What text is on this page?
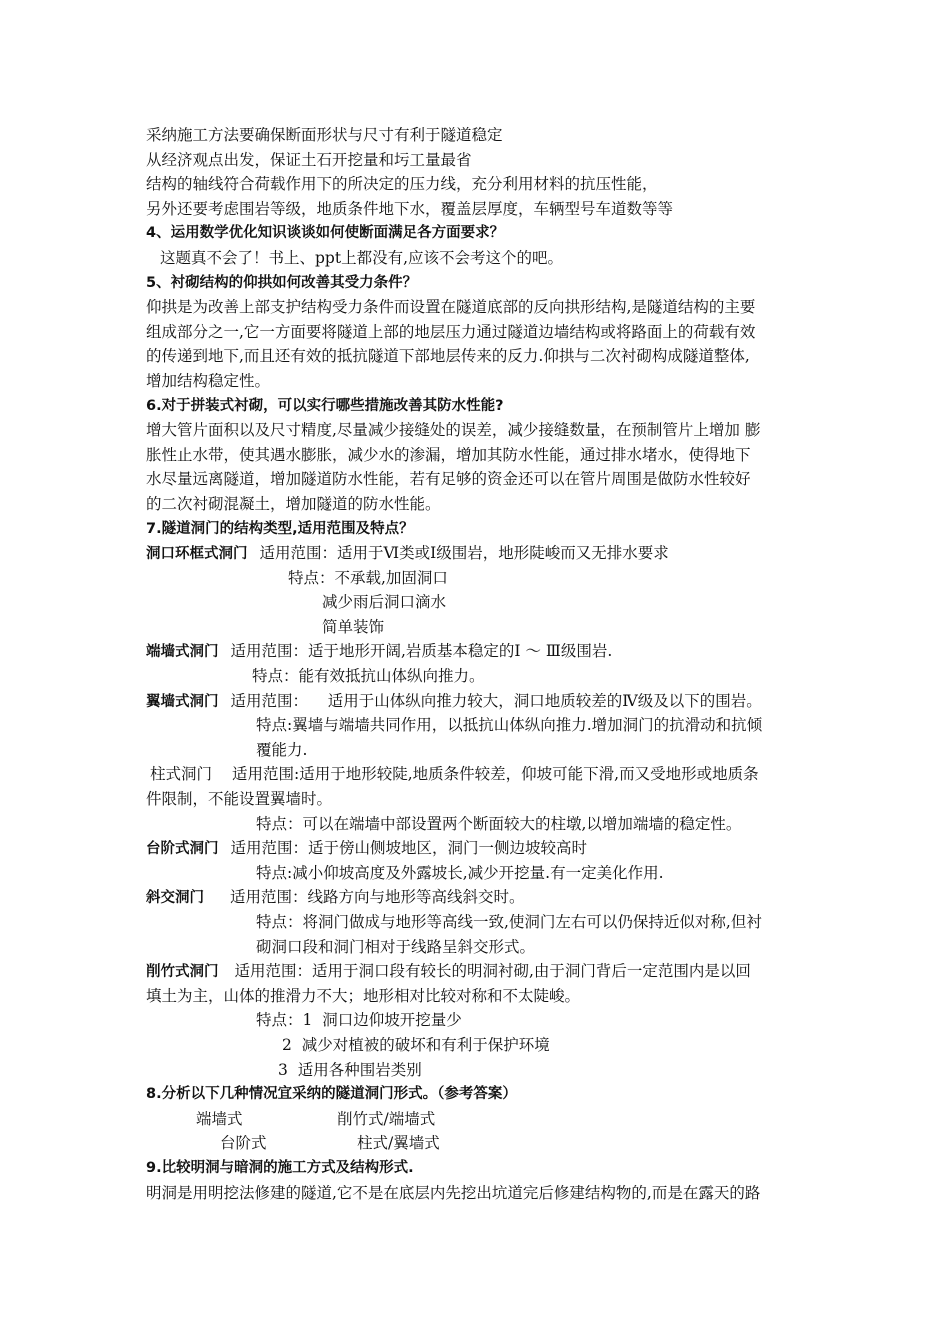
采纳施工方法要确保断面形状与尺寸有利于隧道稳定
从经济观点出发，保证土石开挖量和圬工量最省
结构的轴线符合荷载作用下的所决定的压力线，充分利用材料的抗压性能，
另外还要考虑围岩等级，地质条件地下水，覆盖层厚度，车辆型号车道数等等
4、运用数学优化知识谈谈如何使断面满足各方面要求？
这题真不会了！书上、ppt上都没有,应该不会考这个的吧。
5、衬砌结构的仰拱如何改善其受力条件？
仰拱是为改善上部支护结构受力条件而设置在隧道底部的反向拱形结构,是隧道结构的主要
组成部分之一,它一方面要将隧道上部的地层压力通过隧道边墙结构或将路面上的荷载有效
的传递到地下,而且还有效的抵抗隧道下部地层传来的反力.仰拱与二次衬砌构成隧道整体,
增加结构稳定性。
6.对于拼装式衬砌，可以实行哪些措施改善其防水性能?
增大管片面积以及尺寸精度,尽量减少接缝处的误差，减少接缝数量，在预制管片上增加 膨
胀性止水带，使其遇水膨胀，减少水的渗漏，增加其防水性能，通过排水堵水，使得地下
水尽量远离隧道，增加隧道防水性能，若有足够的资金还可以在管片周围是做防水性较好
的二次衬砌混凝土，增加隧道的防水性能。
7.隧道洞门的结构类型,适用范围及特点？
洞口环框式洞门 适用范围：适用于Ⅵ类或Ⅰ级围岩，地形陡峻而又无排水要求
特点：不承载,加固洞口
减少雨后洞口滴水
简单装饰
端墙式洞门 适用范围：适于地形开阔,岩质基本稳定的Ⅰ ～ Ⅲ级围岩.
特点：能有效抵抗山体纵向推力。
翼墙式洞门 适用范围：    适用于山体纵向推力较大，洞口地质较差的Ⅳ级及以下的围岩。
特点:翼墙与端墙共同作用，以抵抗山体纵向推力.增加洞门的抗滑动和抗倾
覆能力.
柱式洞门 适用范围:适用于地形较陡,地质条件较差，仰坡可能下滑,而又受地形或地质条
件限制，不能设置翼墙时。
特点：可以在端墙中部设置两个断面较大的柱墩,以增加端墙的稳定性。
台阶式洞门 适用范围：适于傍山侧坡地区，洞门一侧边坡较高时
特点:减小仰坡高度及外露坡长,减少开挖量.有一定美化作用.
斜交洞门 适用范围：线路方向与地形等高线斜交时。
特点：将洞门做成与地形等高线一致,使洞门左右可以仍保持近似对称,但衬
砌洞口段和洞门相对于线路呈斜交形式。
削竹式洞门 适用范围：适用于洞口段有较长的明洞衬砌,由于洞门背后一定范围内是以回
填土为主，山体的推滑力不大；地形相对比较对称和不太陡峻。
特点：1  洞口边仰坡开挖量少
2  减少对植被的破坏和有利于保护环境
3  适用各种围岩类别
8.分析以下几种情况宜采纳的隧道洞门形式。（参考答案）
端墙式	削竹式/端墙式
台阶式	柱式/翼墙式
9.比较明洞与暗洞的施工方式及结构形式.
明洞是用明挖法修建的隧道,它不是在底层内先挖出坑道完后修建结构物的,而是在露天的路
